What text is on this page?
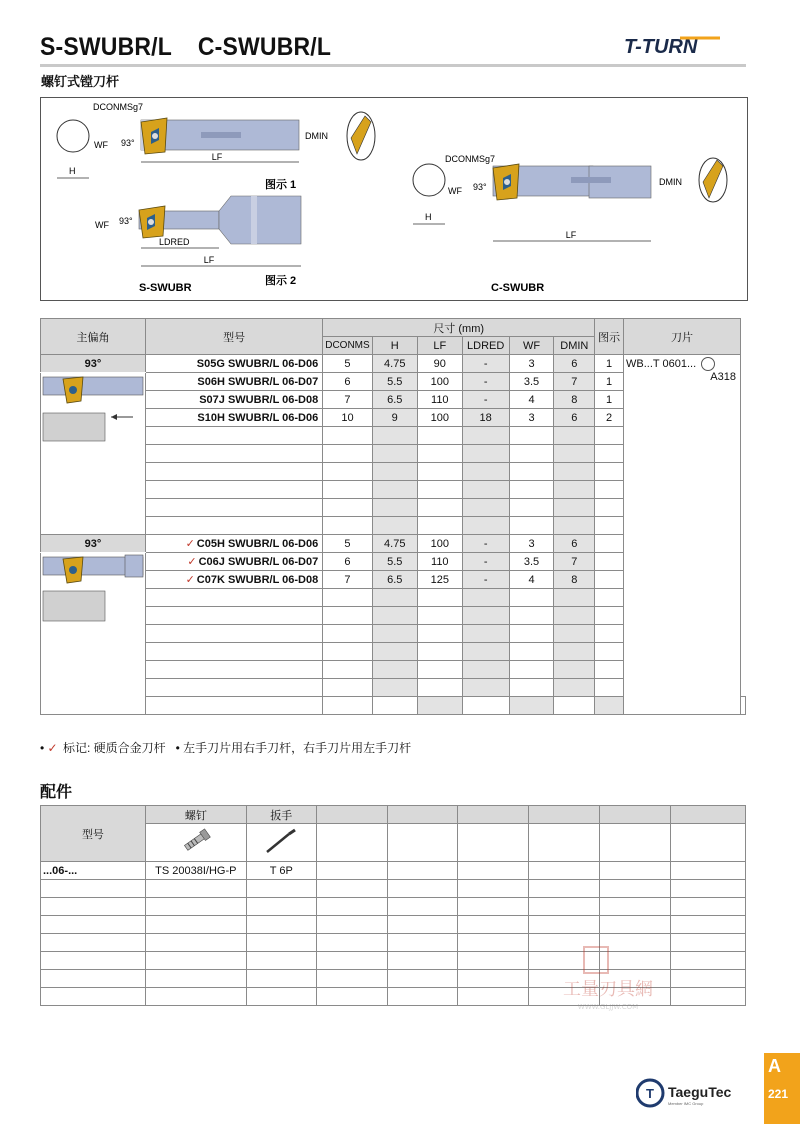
S-SWUBR/L    C-SWUBR/L
螺钉式镗刀杆
T-TURN
LF
DCONMSg7
WF 93°
H
DMIN
图示 1
LDRED
LF
WF 93°
图示 2
S-SWUBR
LF
DCONMSg7
WF 93°
H
DMIN
C-SWUBR
主偏角	型号	尺寸 (mm)						图示	刀片	
		DCONMS	H	LF	LDRED	WF	DMIN			
93°	S05G SWUBR/L 06-D06	5	4.75	90	-	3	6	1	WB...T 0601...
A318	

	S06H SWUBR/L 06-D07	6	5.5	100	-	3.5	7	1		
	S07J SWUBR/L 06-D08	7	6.5	110	-	4	8	1		
	S10H SWUBR/L 06-D06	10	9	100	18	3	6	2		

93°	✓ C05H SWUBR/L 06-D06	5	4.75	100	-	3	6			
	✓ C06J SWUBR/L 06-D07	6	5.5	110	-	3.5	7			
	✓ C07K SWUBR/L 06-D08	7	6.5	125	-	4	8			

• ✓ 标记: 硬质合金刀杆 • 左手刀片用右手刀杆，右手刀片用左手刀杆
配件
型号	螺钉	扳手						

...06-...	TS 20038I/HG-P	T 6P						

工量刃具網
WWW.GLJJW.COM
T TaeguTec
Member IMC Group
A
221
